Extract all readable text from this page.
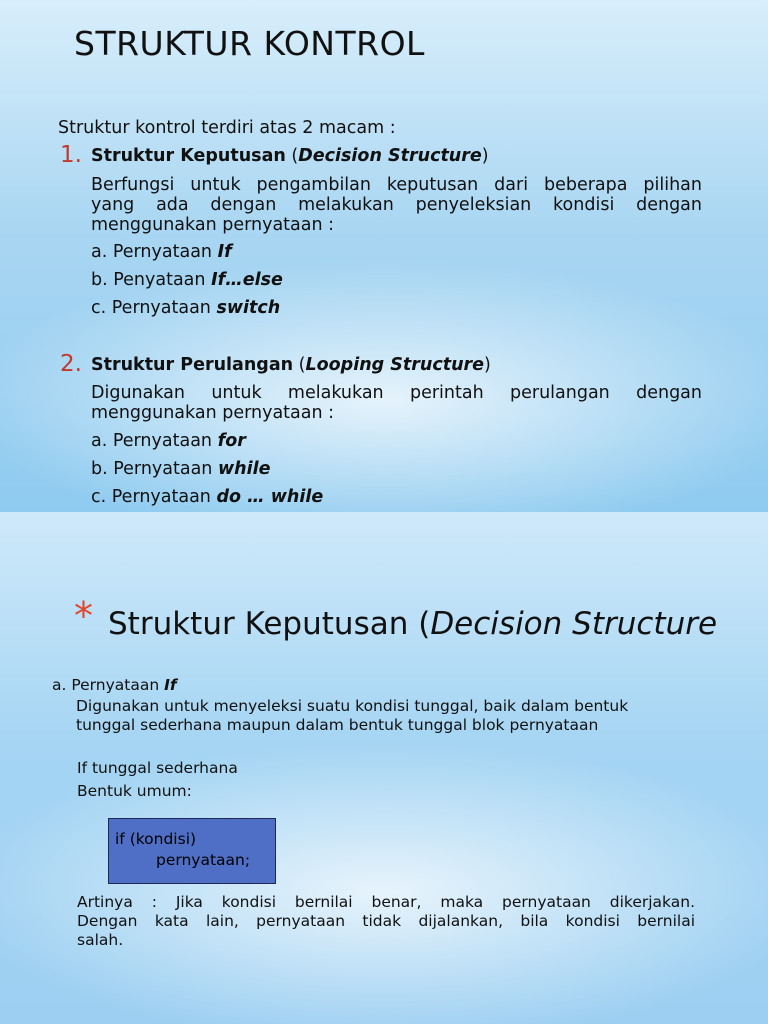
STRUKTUR KONTROL
Struktur kontrol terdiri atas 2 macam :
1. Struktur Keputusan (Decision Structure)
Berfungsi untuk pengambilan keputusan dari beberapa pilihan
yang ada dengan melakukan penyeleksian kondisi dengan
menggunakan pernyataan :
a. Pernyataan If
b. Penyataan If…else
c. Pernyataan switch
2. Struktur Perulangan (Looping Structure)
Digunakan untuk melakukan perintah perulangan dengan
menggunakan pernyataan :
a. Pernyataan for
b. Pernyataan while
c. Pernyataan do … while
* Struktur Keputusan (Decision Structure
a. Pernyataan If
Digunakan untuk menyeleksi suatu kondisi tunggal, baik dalam bentuk
tunggal sederhana maupun dalam bentuk tunggal blok pernyataan
If tunggal sederhana
Bentuk umum:
if (kondisi)
pernyataan;
Artinya : Jika kondisi bernilai benar, maka pernyataan dikerjakan.
Dengan kata lain, pernyataan tidak dijalankan, bila kondisi bernilai
salah.
